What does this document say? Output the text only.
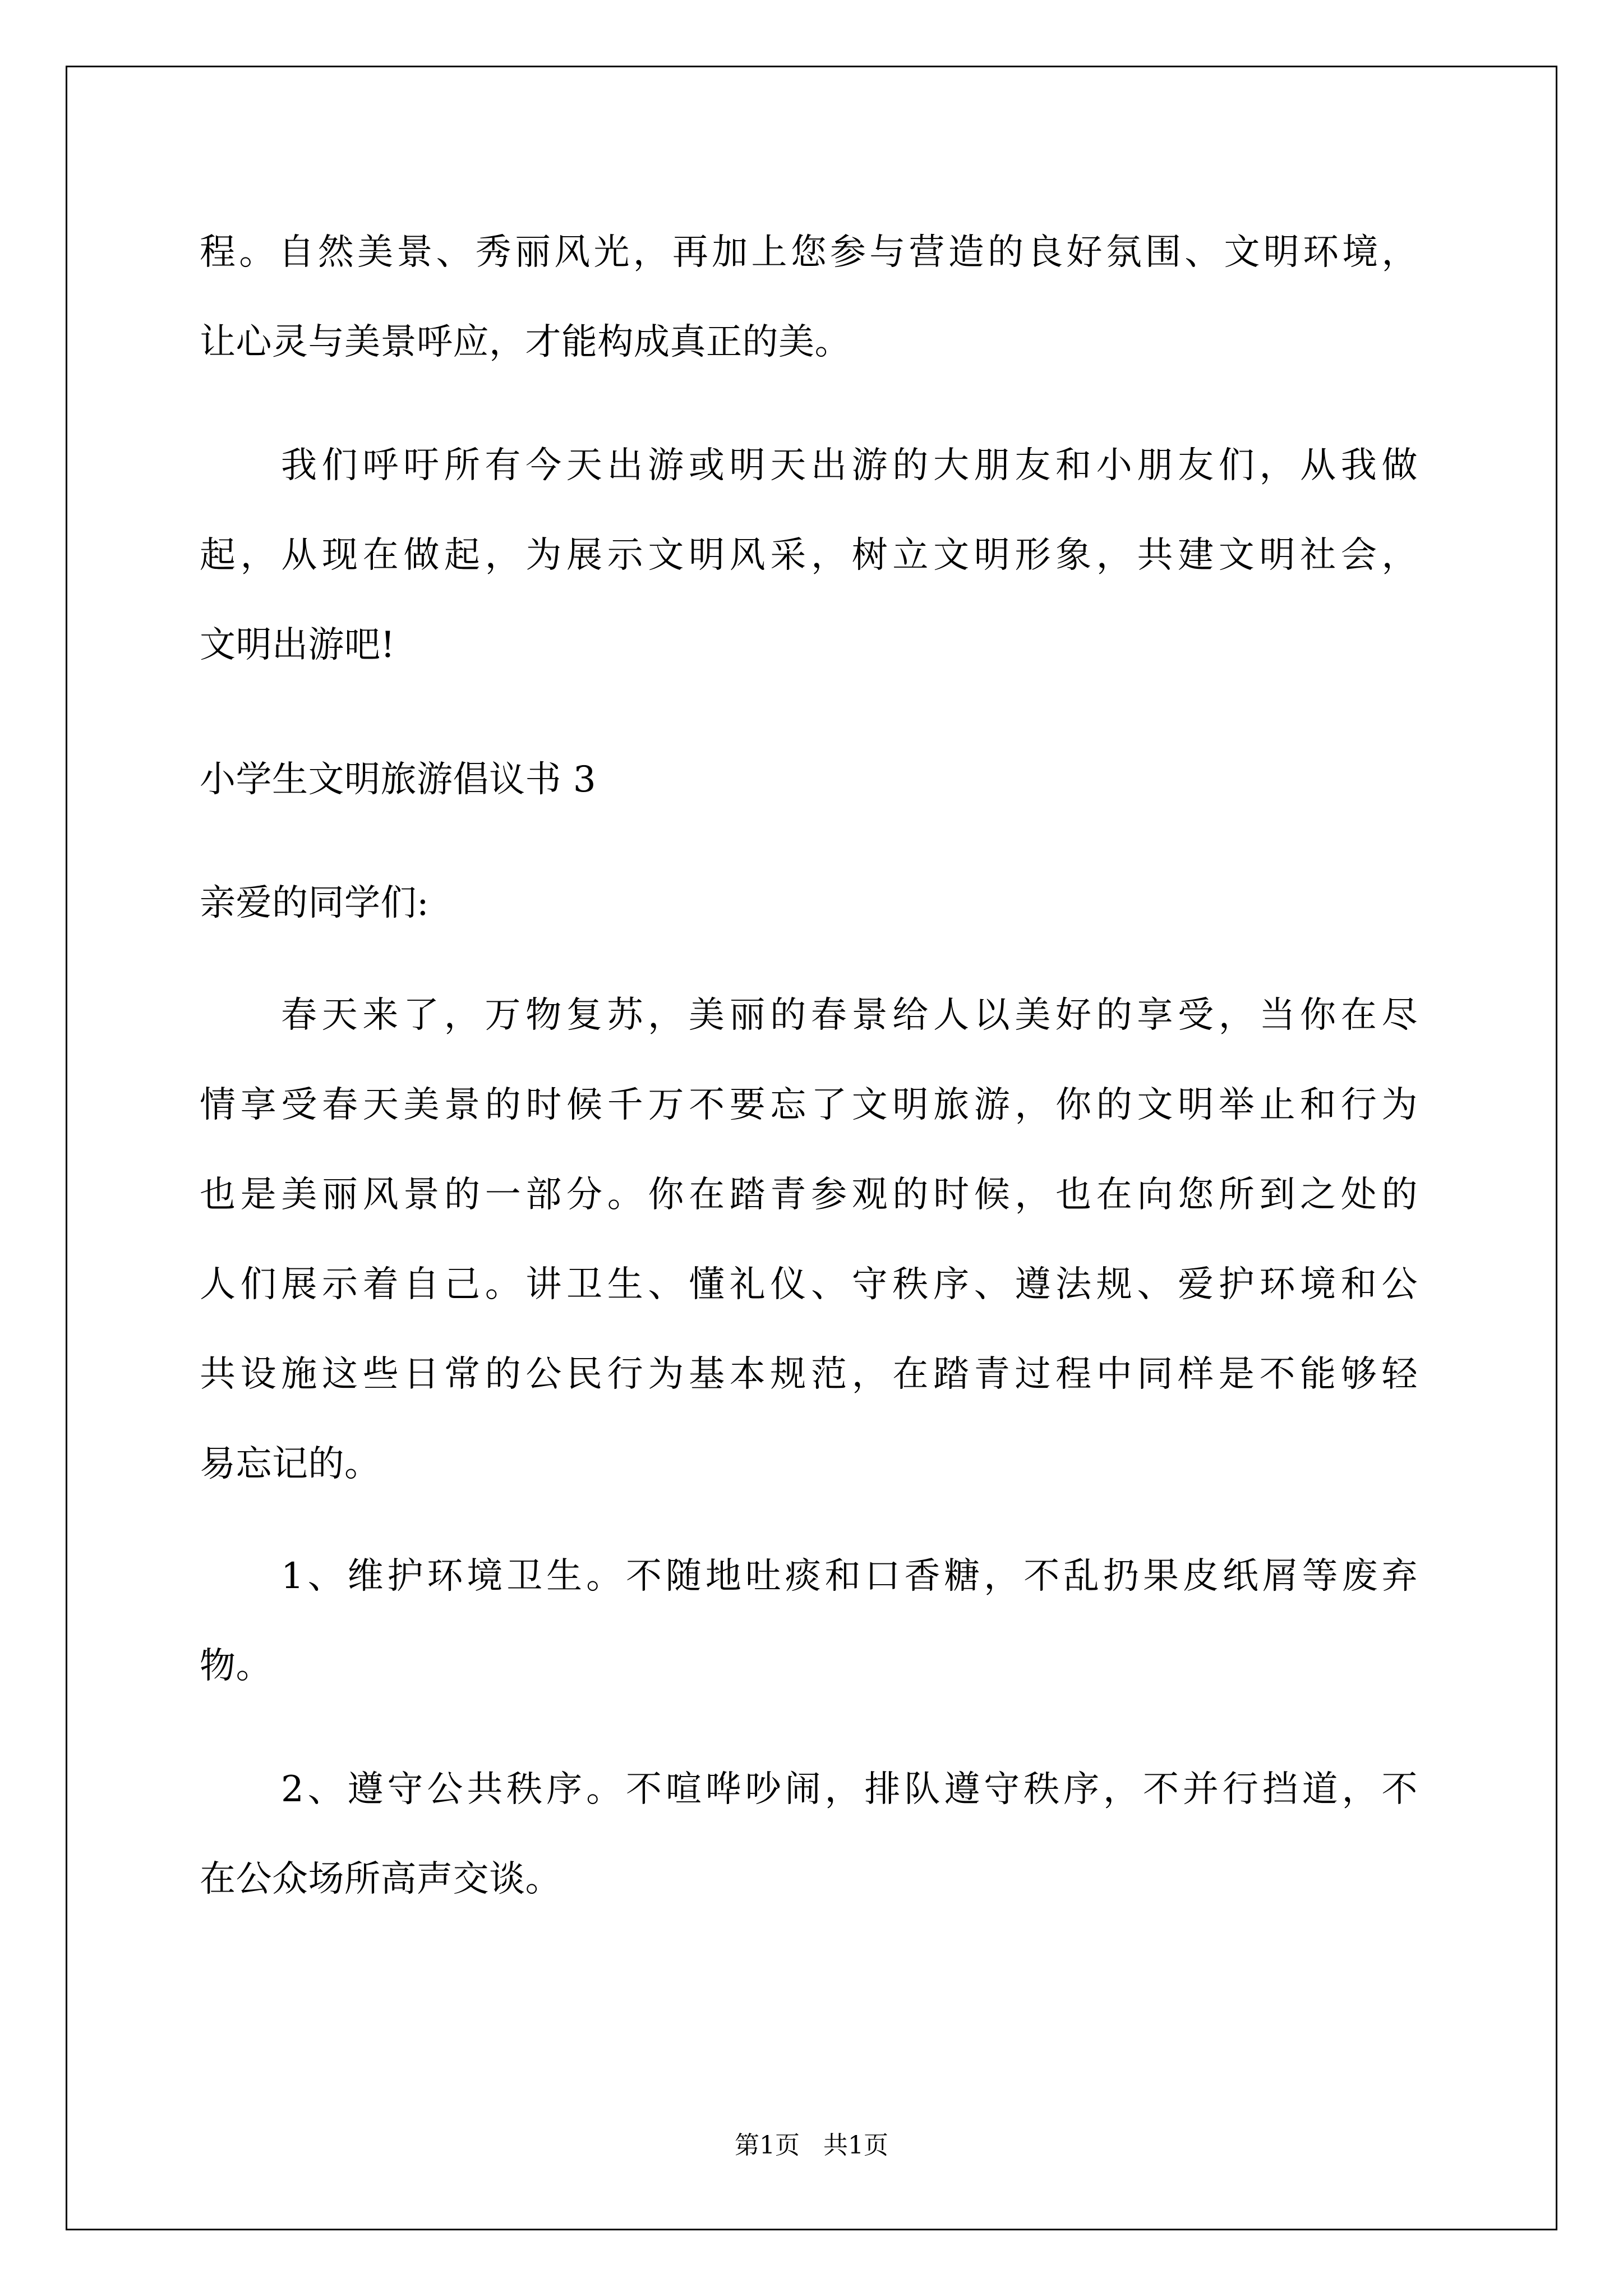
程。自然美景、秀丽风光，再加上您参与营造的良好氛围、文明环境，
让心灵与美景呼应，才能构成真正的美。
我们呼吁所有今天出游或明天出游的大朋友和小朋友们，从我做
起，从现在做起，为展示文明风采，树立文明形象，共建文明社会，
文明出游吧!
小学生文明旅游倡议书 3
亲爱的同学们:
春天来了，万物复苏，美丽的春景给人以美好的享受，当你在尽
情享受春天美景的时候千万不要忘了文明旅游，你的文明举止和行为
也是美丽风景的一部分。你在踏青参观的时候，也在向您所到之处的
人们展示着自己。讲卫生、懂礼仪、守秩序、遵法规、爱护环境和公
共设施这些日常的公民行为基本规范，在踏青过程中同样是不能够轻
易忘记的。
1、维护环境卫生。不随地吐痰和口香糖，不乱扔果皮纸屑等废弃
物。
2、遵守公共秩序。不喧哗吵闹，排队遵守秩序，不并行挡道，不
在公众场所高声交谈。
第1页   共1页
